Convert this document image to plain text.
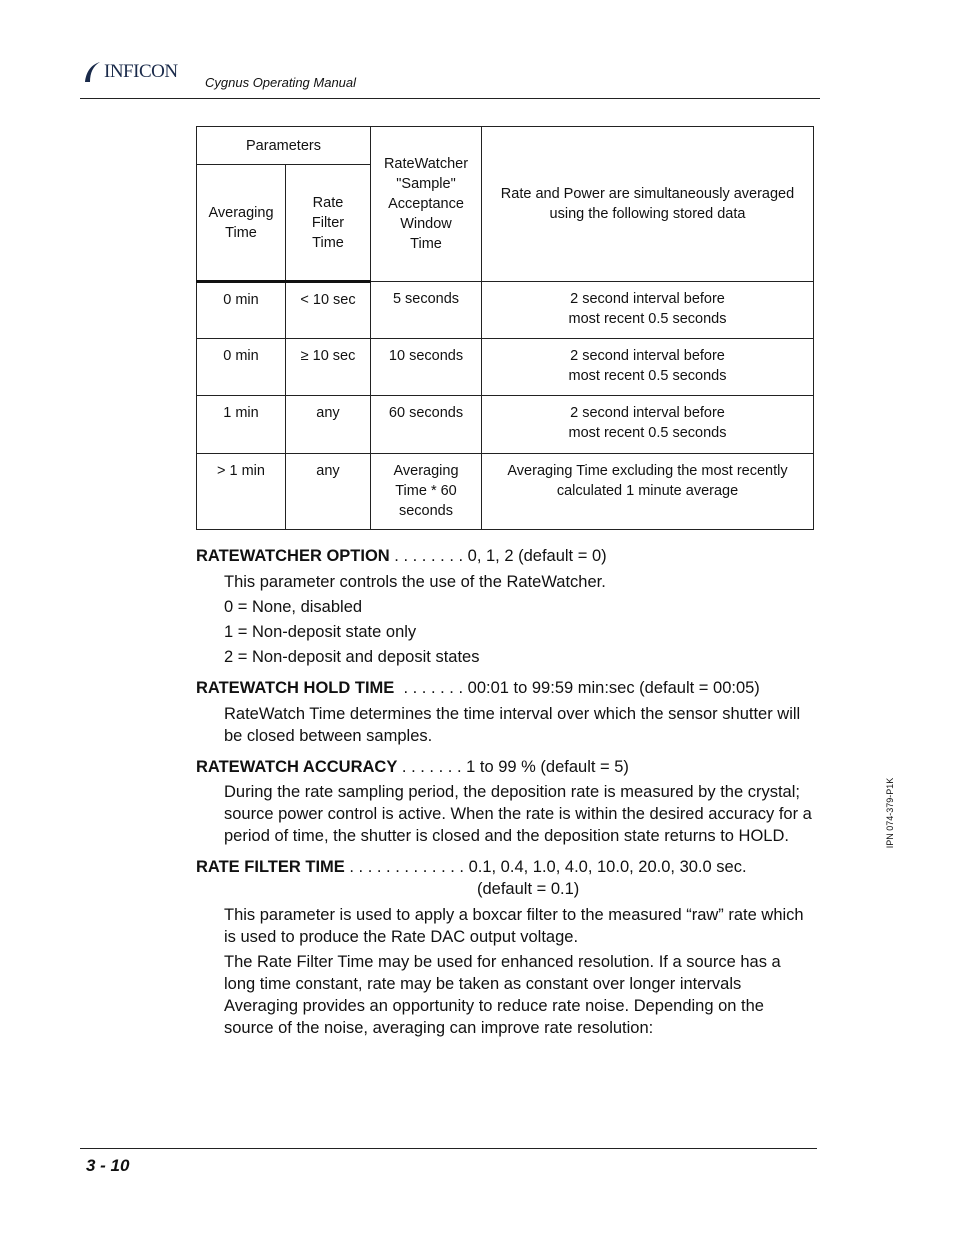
INFICON
Cygnus Operating Manual
Parameters		RateWatcher
"Sample"
Acceptance
Window
Time	Rate and Power are simultaneously averaged
using the following stored data

Averaging
Time	Rate
Filter
Time		

0 min	< 10 sec	5 seconds	2 second interval before
most recent 0.5 seconds

0 min	≥ 10 sec	10 seconds	2 second interval before
most recent 0.5 seconds

1 min	any	60 seconds	2 second interval before
most recent 0.5 seconds

> 1 min	any	Averaging
Time * 60
seconds	Averaging Time excluding the most recently
calculated 1 minute average
RATEWATCHER OPTION . . . . . . . . 0, 1, 2 (default = 0)
This parameter controls the use of the RateWatcher.
0 = None, disabled
1 = Non-deposit state only
2 = Non-deposit and deposit states
RATEWATCH HOLD TIME  . . . . . . . 00:01 to 99:59 min:sec (default = 00:05)
RateWatch Time determines the time interval over which the sensor shutter will be closed between samples.
RATEWATCH ACCURACY . . . . . . . 1 to 99 % (default = 5)
During the rate sampling period, the deposition rate is measured by the crystal; source power control is active. When the rate is within the desired accuracy for a period of time, the shutter is closed and the deposition state returns to HOLD.
RATE FILTER TIME . . . . . . . . . . . . . 0.1, 0.4, 1.0, 4.0, 10.0, 20.0, 30.0 sec.
(default = 0.1)
This parameter is used to apply a boxcar filter to the measured “raw” rate which is used to produce the Rate DAC output voltage.
The Rate Filter Time may be used for enhanced resolution. If a source has a long time constant, rate may be taken as constant over longer intervals Averaging provides an opportunity to reduce rate noise. Depending on the source of the noise, averaging can improve rate resolution:
IPN 074-379-P1K
3 - 10
